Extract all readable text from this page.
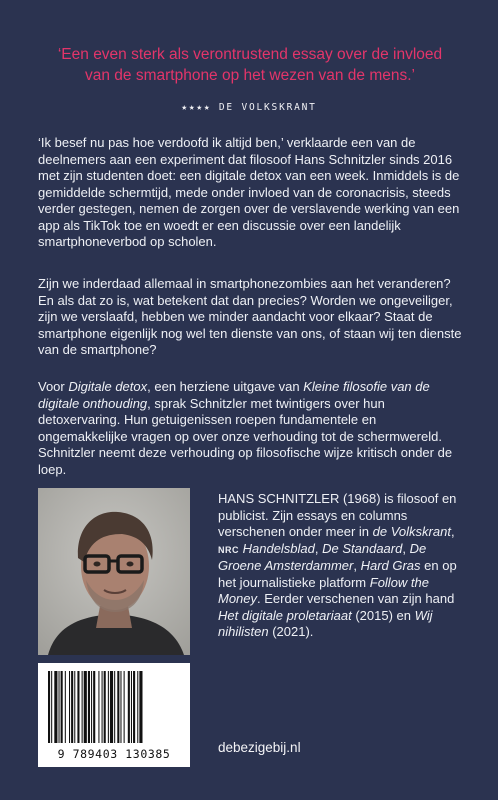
‘Een even sterk als verontrustend essay over de invloed
van de smartphone op het wezen van de mens.’
★★★★ DE VOLKSKRANT

‘Ik besef nu pas hoe verdoofd ik altijd ben,’ verklaarde een van de deelnemers aan een experiment dat filosoof Hans Schnitzler sinds 2016 met zijn studenten doet: een digitale detox van een week. Inmiddels is de gemiddelde schermtijd, mede onder invloed van de coronacrisis, steeds verder gestegen, nemen de zorgen over de verslavende werking van een app als TikTok toe en woedt er een discussie over een landelijk smartphoneverbod op scholen.

Zijn we inderdaad allemaal in smartphonezombies aan het veranderen? En als dat zo is, wat betekent dat dan precies? Worden we ongeveiliger, zijn we verslaafd, hebben we minder aandacht voor elkaar? Staat de smartphone eigenlijk nog wel ten dienste van ons, of staan wij ten dienste van de smartphone?

Voor Digitale detox, een herziene uitgave van Kleine filosofie van de digitale onthouding, sprak Schnitzler met twintigers over hun detoxervaring. Hun getuigenissen roepen fundamentele en ongemakkelijke vragen op over onze verhouding tot de schermwereld. Schnitzler neemt deze verhouding op filosofische wijze kritisch onder de loep.

HANS SCHNITZLER (1968) is filosoof en publicist. Zijn essays en columns verschenen onder meer in de Volkskrant, NRC Handelsblad, De Standaard, De Groene Amsterdammer, Hard Gras en op het journalistieke platform Follow the Money. Eerder verschenen van zijn hand Het digitale proletariaat (2015) en Wij nihilisten (2021).

9 789403 130385	debezigebij.nl
